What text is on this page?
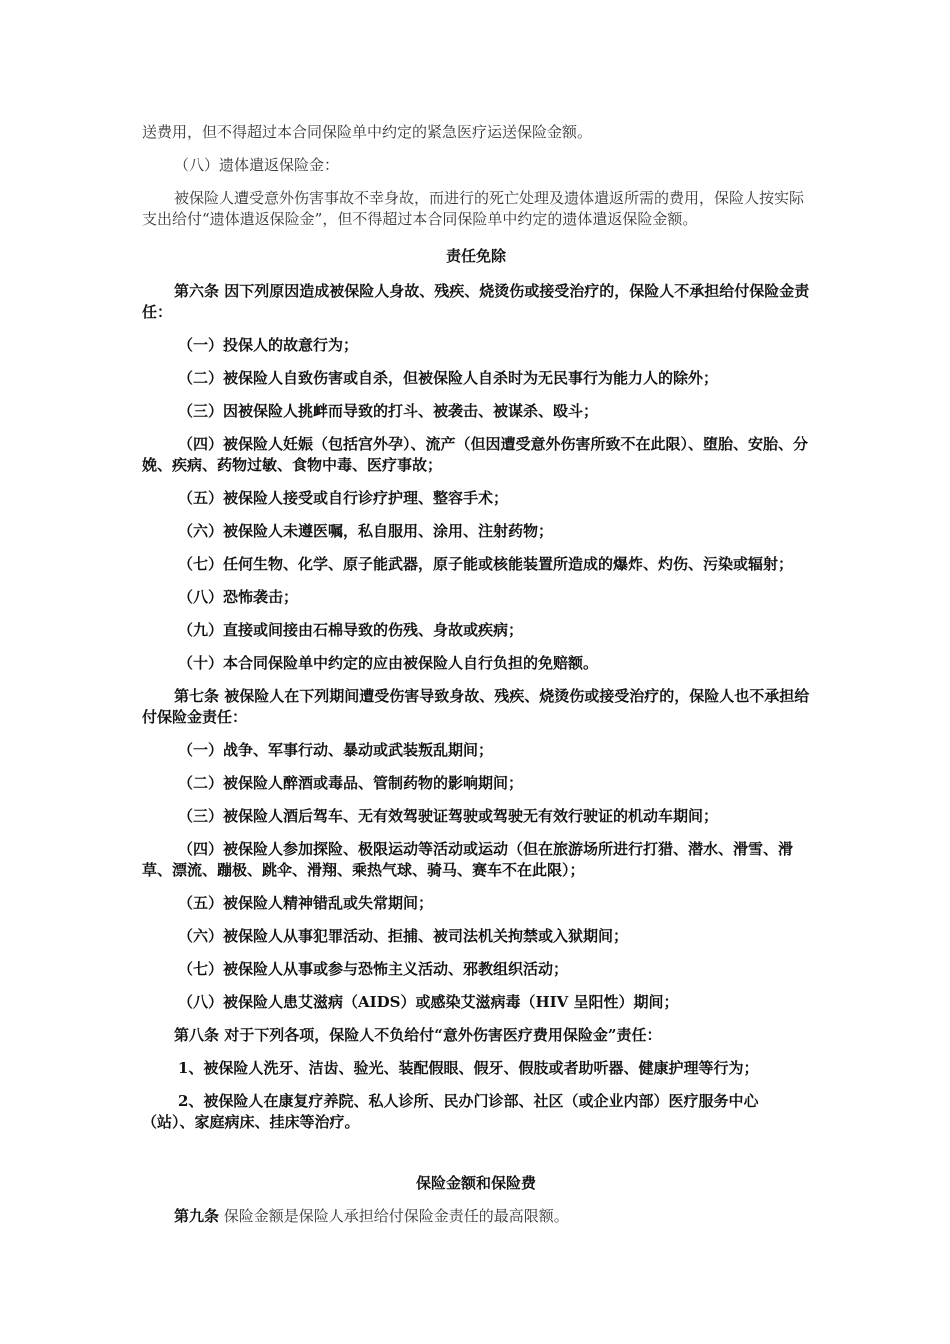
送费用，但不得超过本合同保险单中约定的紧急医疗运送保险金额。

（八）遗体遣返保险金：

被保险人遭受意外伤害事故不幸身故，而进行的死亡处理及遗体遣返所需的费用，保险人按实际支出给付“遗体遣返保险金”，但不得超过本合同保险单中约定的遗体遣返保险金额。

责任免除

第六条 因下列原因造成被保险人身故、残疾、烧烫伤或接受治疗的，保险人不承担给付保险金责任：

（一）投保人的故意行为；

（二）被保险人自致伤害或自杀，但被保险人自杀时为无民事行为能力人的除外；

（三）因被保险人挑衅而导致的打斗、被袭击、被谋杀、殴斗；

（四）被保险人妊娠（包括宫外孕）、流产（但因遭受意外伤害所致不在此限）、堕胎、安胎、分娩、疾病、药物过敏、食物中毒、医疗事故；

（五）被保险人接受或自行诊疗护理、整容手术；

（六）被保险人未遵医嘱，私自服用、涂用、注射药物；

（七）任何生物、化学、原子能武器，原子能或核能装置所造成的爆炸、灼伤、污染或辐射；

（八）恐怖袭击；

（九）直接或间接由石棉导致的伤残、身故或疾病；

（十）本合同保险单中约定的应由被保险人自行负担的免赔额。

第七条 被保险人在下列期间遭受伤害导致身故、残疾、烧烫伤或接受治疗的，保险人也不承担给付保险金责任：

（一）战争、军事行动、暴动或武装叛乱期间；

（二）被保险人醉酒或毒品、管制药物的影响期间；

（三）被保险人酒后驾车、无有效驾驶证驾驶或驾驶无有效行驶证的机动车期间；

（四）被保险人参加探险、极限运动等活动或运动（但在旅游场所进行打猎、潜水、滑雪、滑草、漂流、蹦极、跳伞、滑翔、乘热气球、骑马、赛车不在此限）；

（五）被保险人精神错乱或失常期间；

（六）被保险人从事犯罪活动、拒捕、被司法机关拘禁或入狱期间；

（七）被保险人从事或参与恐怖主义活动、邪教组织活动；

（八）被保险人患艾滋病（AIDS）或感染艾滋病毒（HIV 呈阳性）期间；

第八条 对于下列各项，保险人不负给付“意外伤害医疗费用保险金”责任：

1、被保险人洗牙、洁齿、验光、装配假眼、假牙、假肢或者助听器、健康护理等行为；

2、被保险人在康复疗养院、私人诊所、民办门诊部、社区（或企业内部）医疗服务中心（站）、家庭病床、挂床等治疗。

保险金额和保险费

第九条 保险金额是保险人承担给付保险金责任的最高限额。
